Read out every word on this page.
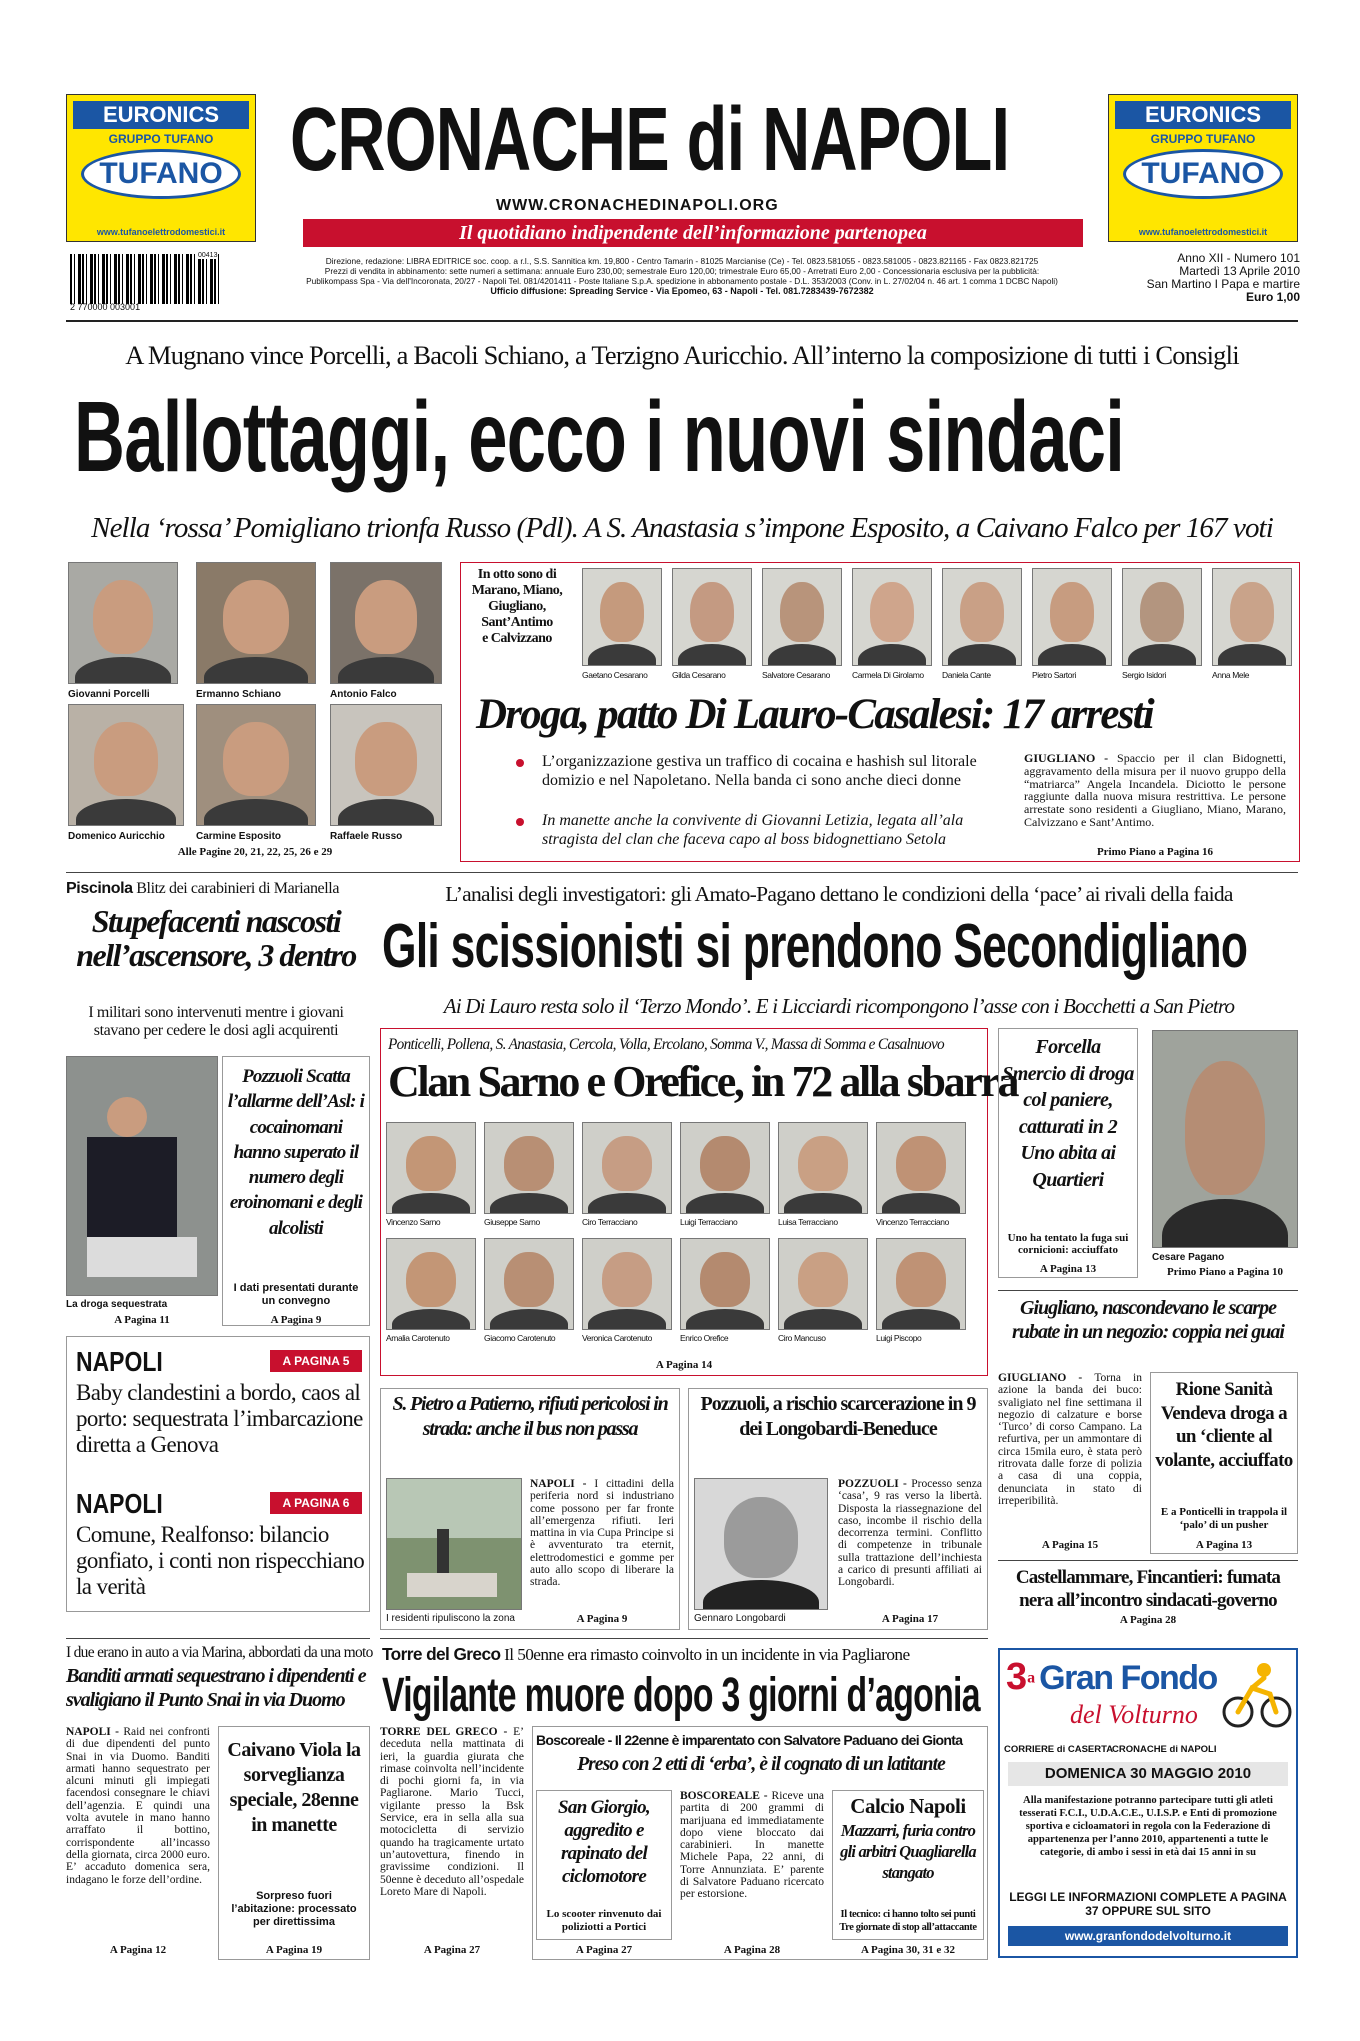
EURONICS
GRUPPO TUFANO
TUFANO
www.tufanoelettrodomestici.it
EURONICS
GRUPPO TUFANO
TUFANO
www.tufanoelettrodomestici.it
CRONACHE di NAPOLI
WWW.CRONACHEDINAPOLI.ORG
Il quotidiano indipendente dell’informazione partenopea
00413
2 770000 003001
Direzione, redazione: LIBRA EDITRICE soc. coop. a r.l., S.S. Sannitica km. 19,800 - Centro Tamarin - 81025 Marcianise (Ce) - Tel. 0823.581055 - 0823.581005 - 0823.821165 - Fax 0823.821725
Prezzi di vendita in abbinamento: sette numeri a settimana: annuale Euro 230,00; semestrale Euro 120,00; trimestrale Euro 65,00 - Arretrati Euro 2,00 - Concessionaria esclusiva per la pubblicità:
Publikompass Spa - Via dell'Incoronata, 20/27 - Napoli Tel. 081/4201411 - Poste Italiane S.p.A. spedizione in abbonamento postale - D.L. 353/2003 (Conv. in L. 27/02/04 n. 46 art. 1 comma 1 DCBC Napoli)
Ufficio diffusione: Spreading Service - Via Epomeo, 63 - Napoli - Tel. 081.7283439-7672382
Anno XII - Numero 101
Martedì 13 Aprile 2010
San Martino I Papa e martire
Euro 1,00
A Mugnano vince Porcelli, a Bacoli Schiano, a Terzigno Auricchio. All’interno la composizione di tutti i Consigli
Ballottaggi, ecco i nuovi sindaci
Nella ‘rossa’ Pomigliano trionfa Russo (Pdl). A S. Anastasia s’impone Esposito, a Caivano Falco per 167 voti
Giovanni Porcelli	Ermanno Schiano	Antonio Falco
Domenico Auricchio	Carmine Esposito	Raffaele Russo
Alle Pagine 20, 21, 22, 25, 26 e 29
In otto sono di
Marano, Miano,
Giugliano,
Sant’Antimo
e Calvizzano
Gaetano Cesarano	Gilda Cesarano	Salvatore Cesarano	Carmela Di Girolamo Daniela Cante	Pietro Sartori	Sergio Isidori	Anna Mele
Droga, patto Di Lauro-Casalesi: 17 arresti
L’organizzazione gestiva un traffico di cocaina e hashish sul litorale domizio e nel Napoletano. Nella banda ci sono anche dieci donne
In manette anche la convivente di Giovanni Letizia, legata all’ala stragista del clan che faceva capo al boss bidognettiano Setola
GIUGLIANO - Spaccio per il clan Bidognetti, aggravamento della misura per il nuovo gruppo della “matriarca” Angela Incandela. Diciotto le persone raggiunte dalla nuova misura restrittiva. Le persone arrestate sono residenti a Giugliano, Miano, Marano, Calvizzano e Sant’Antimo.
Primo Piano a Pagina 16
Piscinola Blitz dei carabinieri di Marianella
Stupefacenti nascosti nell’ascensore, 3 dentro
I militari sono intervenuti mentre i giovani stavano per cedere le dosi agli acquirenti
La droga sequestrata
A Pagina 11
Pozzuoli Scatta l’allarme dell’Asl: i cocainomani hanno superato il numero degli eroinomani e degli alcolisti
I dati presentati durante un convegno
A Pagina 9
NAPOLI	A PAGINA 5
Baby clandestini a bordo, caos al porto: sequestrata l’imbarcazione diretta a Genova
NAPOLI	A PAGINA 6
Comune, Realfonso: bilancio gonfiato, i conti non rispecchiano la verità
I due erano in auto a via Marina, abbordati da una moto
Banditi armati sequestrano i dipendenti e svaligiano il Punto Snai in via Duomo
NAPOLI - Raid nei confronti di due dipendenti del punto Snai in via Duomo. Banditi armati hanno sequestrato per alcuni minuti gli impiegati facendosi consegnare le chiavi dell’agenzia. E quindi una volta avutele in mano hanno arraffato il bottino, corrispondente all’incasso della giornata, circa 2000 euro. E’ accaduto domenica sera, indagano le forze dell’ordine.
A Pagina 12
Caivano Viola la sorveglianza speciale, 28enne in manette
Sorpreso fuori l’abitazione: processato per direttissima
A Pagina 19
L’analisi degli investigatori: gli Amato-Pagano dettano le condizioni della ‘pace’ ai rivali della faida
Gli scissionisti si prendono Secondigliano
Ai Di Lauro resta solo il ‘Terzo Mondo’. E i Licciardi ricompongono l’asse con i Bocchetti a San Pietro
Ponticelli, Pollena, S. Anastasia, Cercola, Volla, Ercolano, Somma V., Massa di Somma e Casalnuovo
Clan Sarno e Orefice, in 72 alla sbarra
Vincenzo Sarno	Giuseppe Sarno	Ciro Terracciano	Luigi Terracciano	Luisa Terracciano	Vincenzo Terracciano
Amalia Carotenuto	Giacomo Carotenuto	Veronica Carotenuto	Enrico Orefice	Ciro Mancuso	Luigi Piscopo
A Pagina 14
Forcella Smercio di droga col paniere, catturati in 2 Uno abita ai Quartieri
Uno ha tentato la fuga sui cornicioni: acciuffato
A Pagina 13
Cesare Pagano
Primo Piano a Pagina 10
Giugliano, nascondevano le scarpe rubate in un negozio: coppia nei guai
GIUGLIANO - Torna in azione la banda dei buco: svaligiato nel fine settimana il negozio di calzature e borse ‘Turco’ di corso Campano. La refurtiva, per un ammontare di circa 15mila euro, è stata però ritrovata dalle forze di polizia a casa di una coppia, denunciata in stato di irreperibilità.
A Pagina 15
Rione Sanità Vendeva droga a un ‘cliente al volante, acciuffato
E a Ponticelli in trappola il ‘palo’ di un pusher
A Pagina 13
Castellammare, Fincantieri: fumata nera all’incontro sindacati-governo
A Pagina 28
S. Pietro a Patierno, rifiuti pericolosi in strada: anche il bus non passa
I residenti ripuliscono la zona
NAPOLI - I cittadini della periferia nord si industriano come possono per far fronte all’emergenza rifiuti. Ieri mattina in via Cupa Principe si è avventurato tra eternit, elettrodomestici e gomme per auto allo scopo di liberare la strada.
A Pagina 9
Pozzuoli, a rischio scarcerazione in 9 dei Longobardi-Beneduce
Gennaro Longobardi
POZZUOLI - Processo senza ‘casa’, 9 ras verso la libertà. Disposta la riassegnazione del caso, incombe il rischio della decorrenza termini. Conflitto di competenze in tribunale sulla trattazione dell’inchiesta a carico di presunti affiliati ai Longobardi.
A Pagina 17
Torre del Greco Il 50enne era rimasto coinvolto in un incidente in via Pagliarone
Vigilante muore dopo 3 giorni d’agonia
TORRE DEL GRECO - E’ deceduta nella mattinata di ieri, la guardia giurata che rimase coinvolta nell’incidente di pochi giorni fa, in via Pagliarone. Mario Tucci, vigilante presso la Bsk Service, era in sella alla sua motocicletta di servizio quando ha tragicamente urtato un’autovettura, finendo in gravissime condizioni. Il 50enne è deceduto all’ospedale Loreto Mare di Napoli.
A Pagina 27
Boscoreale - Il 22enne è imparentato con Salvatore Paduano dei Gionta
Preso con 2 etti di ‘erba’, è il cognato di un latitante
San Giorgio, aggredito e rapinato del ciclomotore
Lo scooter rinvenuto dai poliziotti a Portici
A Pagina 27
BOSCOREALE - Riceve una partita di 200 grammi di marijuana ed immediatamente dopo viene bloccato dai carabinieri. In manette Michele Papa, 22 anni, di Torre Annunziata. E’ parente di Salvatore Paduano ricercato per estorsione.
A Pagina 28
Calcio Napoli
Mazzarri, furia contro gli arbitri Quagliarella stangato
Il tecnico: ci hanno tolto sei punti Tre giornate di stop all’attaccante
A Pagina 30, 31 e 32
3$^a$ Gran Fondo
del Volturno
CORRIERE di CASERTA
CRONACHE di NAPOLI
DOMENICA 30 MAGGIO 2010
Alla manifestazione potranno partecipare tutti gli atleti tesserati F.C.I., U.D.A.C.E., U.I.S.P. e Enti di promozione sportiva e cicloamatori in regola con la Federazione di appartenenza per l’anno 2010, appartenenti a tutte le categorie, di ambo i sessi in età dai 15 anni in su
LEGGI LE INFORMAZIONI COMPLETE A PAGINA 37 OPPURE SUL SITO
www.granfondodelvolturno.it
